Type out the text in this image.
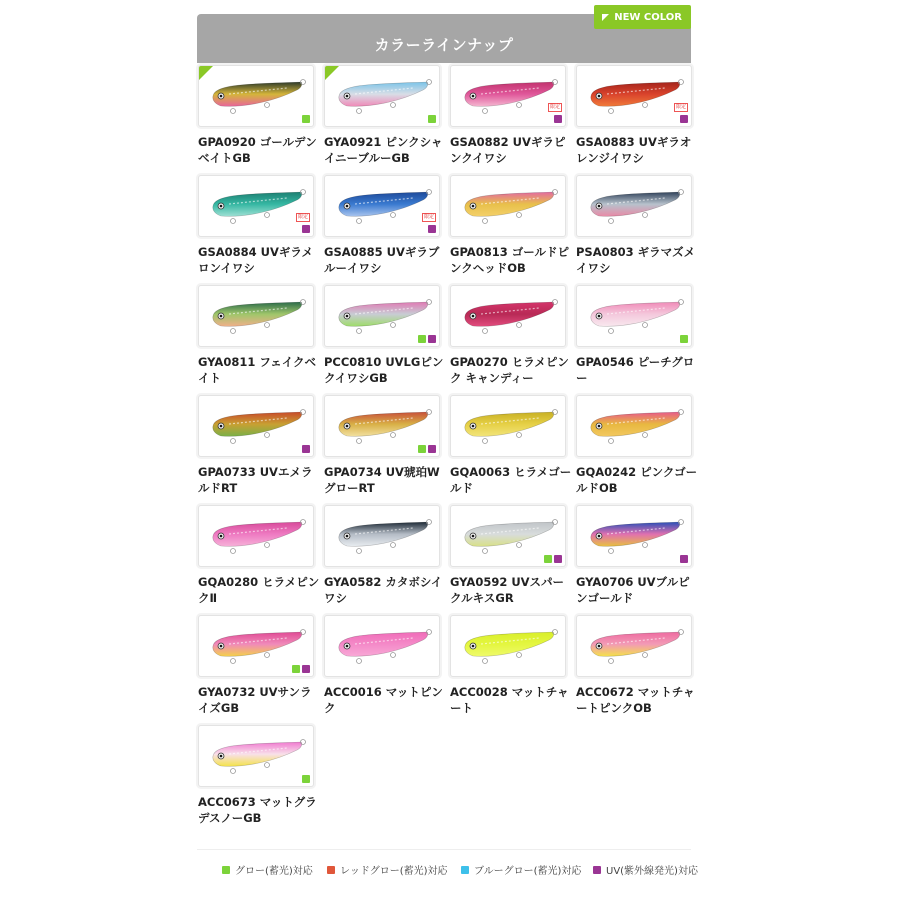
カラーラインナップ
NEW COLOR
GPA0920 ゴールデンベイトGB
GYA0921 ピンクシャイニーブルーGB
限定
GSA0882 UVギラピンクイワシ
限定
GSA0883 UVギラオレンジイワシ
限定
GSA0884 UVギラメロンイワシ
限定
GSA0885 UVギラブルーイワシ
GPA0813 ゴールドピンクヘッドOB
PSA0803 ギラマズメイワシ
GYA0811 フェイクベイト
PCC0810 UVLGピンクイワシGB
GPA0270 ヒラメピンク キャンディー
GPA0546 ピーチグロー
GPA0733 UVエメラルドRT
GPA0734 UV琥珀WグローRT
GQA0063 ヒラメゴールド
GQA0242 ピンクゴールドOB
GQA0280 ヒラメピンクⅡ
GYA0582 カタボシイワシ
GYA0592 UVスパークルキスGR
GYA0706 UVブルピンゴールド
GYA0732 UVサンライズGB
ACC0016 マットピンク
ACC0028 マットチャート
ACC0672 マットチャートピンクOB
ACC0673 マットグラデスノーGB
グロー(蓄光)対応	レッドグロー(蓄光)対応	ブルーグロー(蓄光)対応 UV(紫外線発光)対応
